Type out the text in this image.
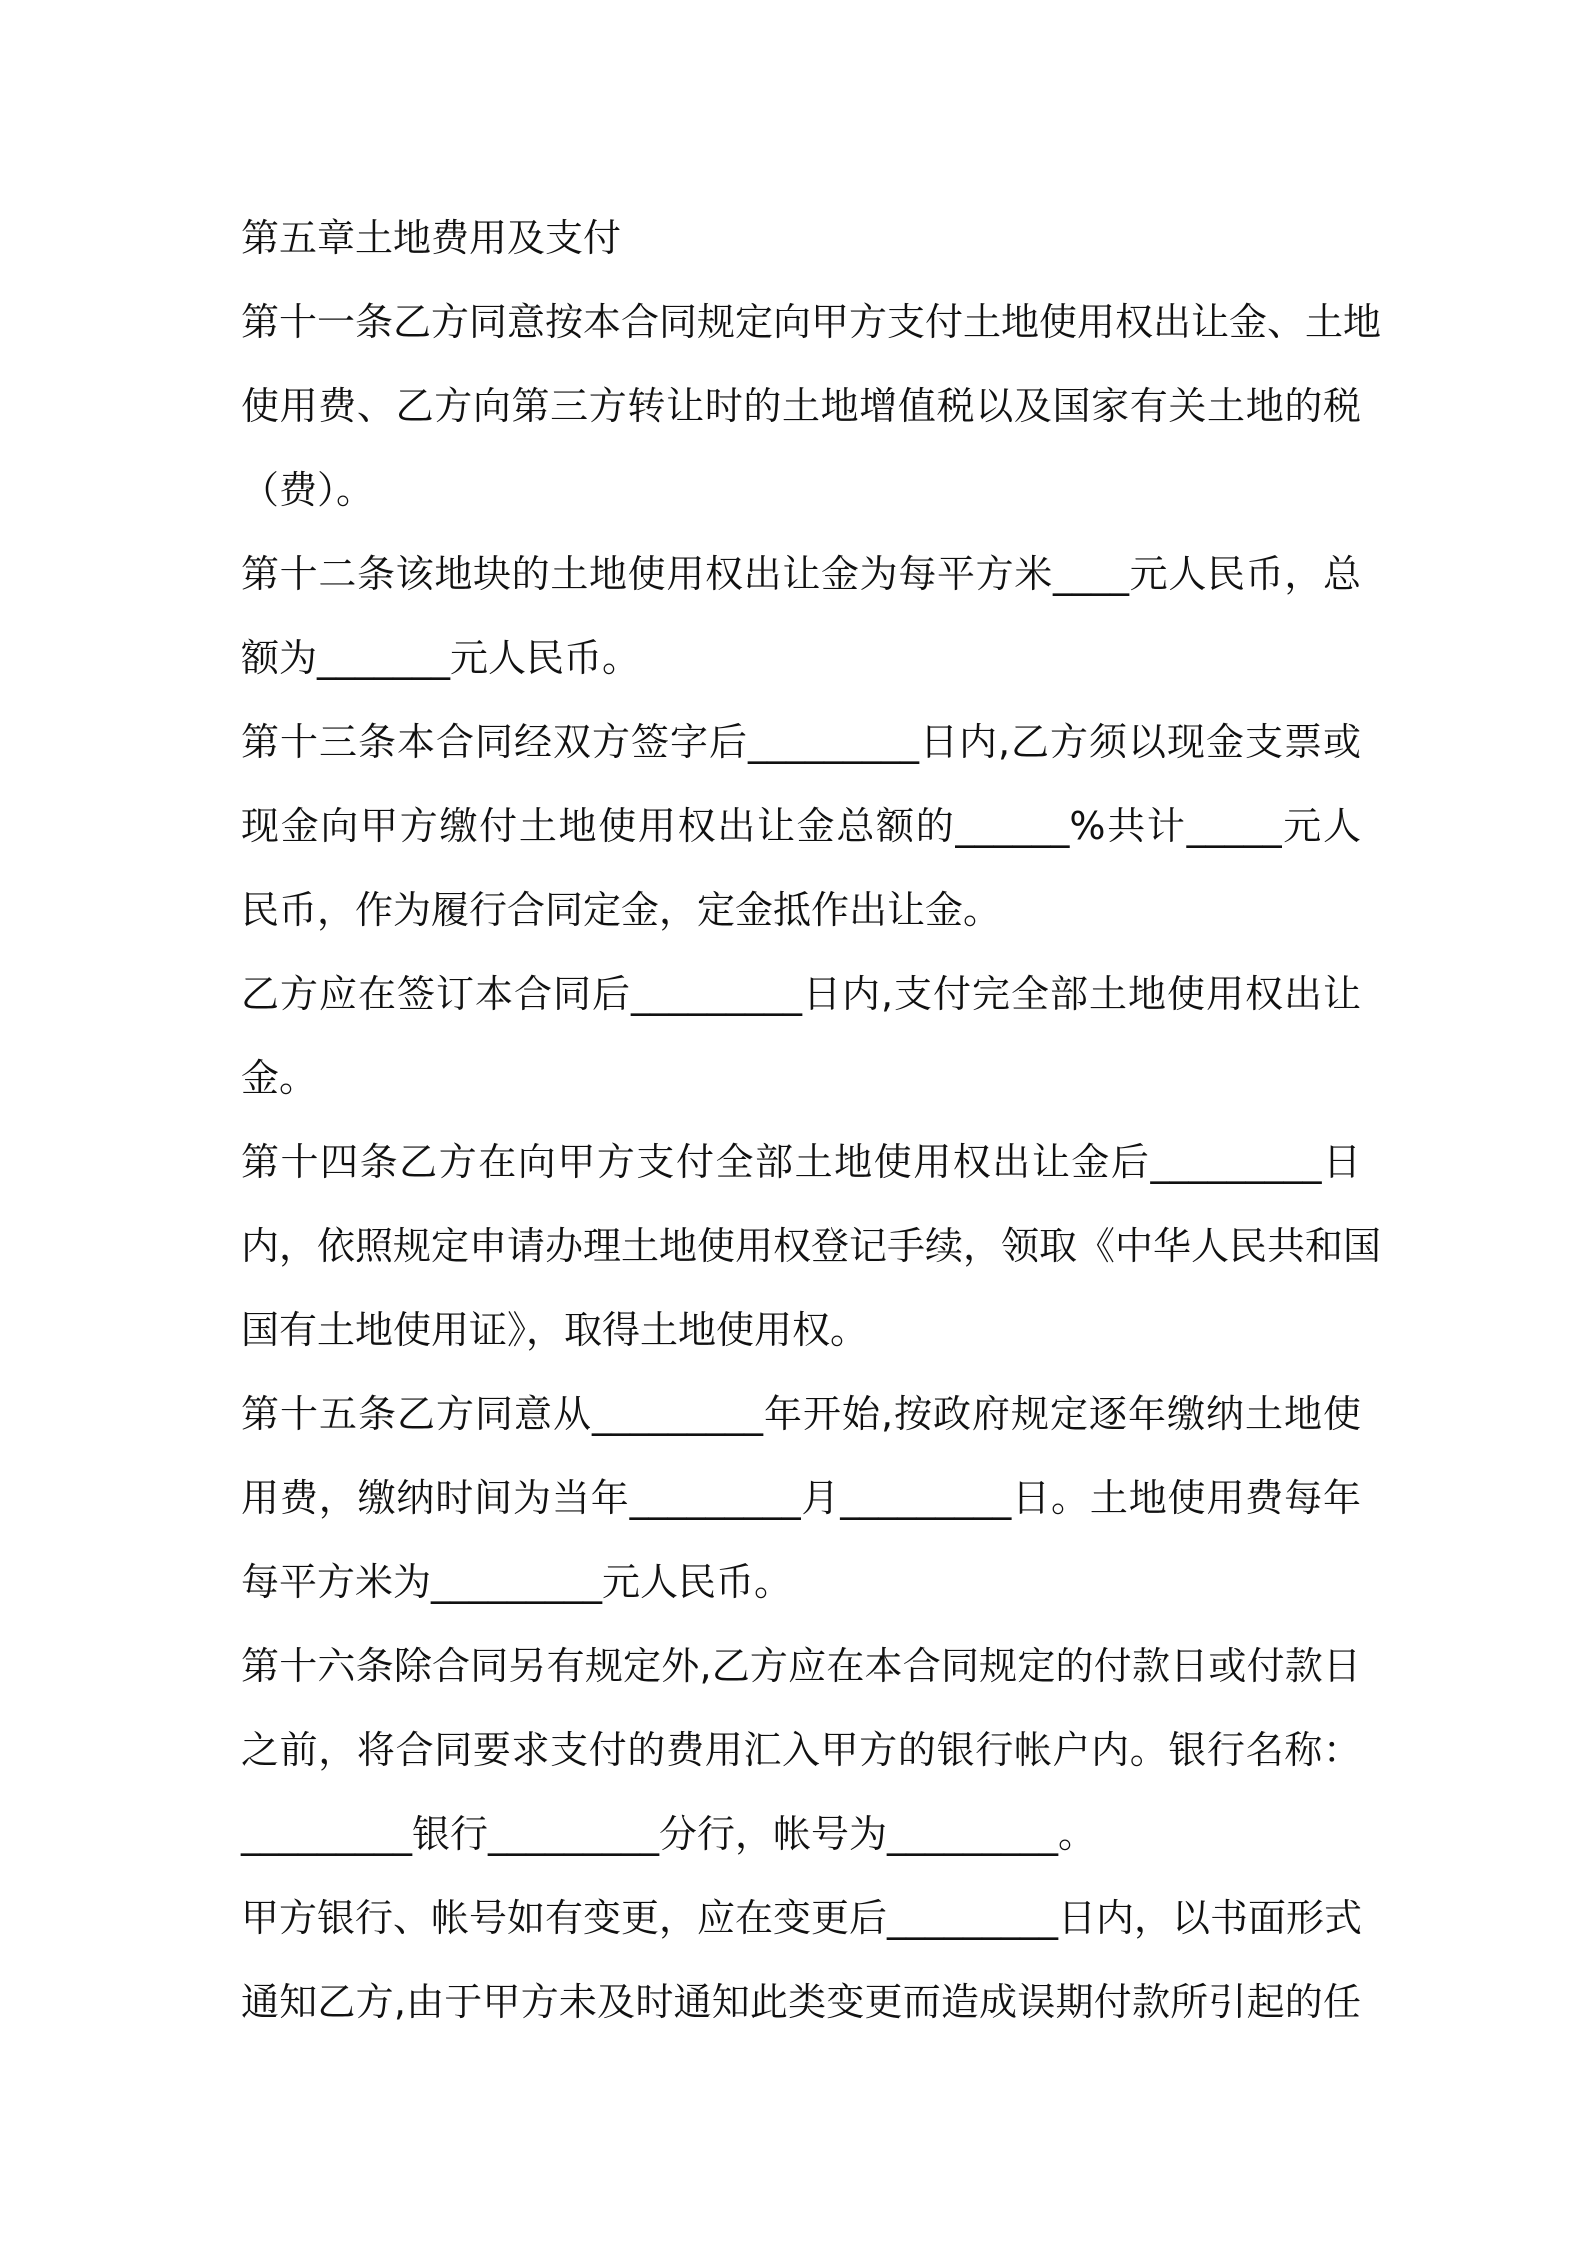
第五章土地费用及支付

第十一条乙方同意按本合同规定向甲方支付土地使用权出让金、土地

使用费、乙方向第三方转让时的土地增值税以及国家有关土地的税

（费）。

第十二条该地块的土地使用权出让金为每平方米____元人民币，总

额为_______元人民币。

第十三条本合同经双方签字后_________日内,乙方须以现金支票或

现金向甲方缴付土地使用权出让金总额的______%共计_____元人

民币，作为履行合同定金，定金抵作出让金。

乙方应在签订本合同后_________日内,支付完全部土地使用权出让

金。

第十四条乙方在向甲方支付全部土地使用权出让金后_________日

内，依照规定申请办理土地使用权登记手续，领取《中华人民共和国

国有土地使用证》，取得土地使用权。

第十五条乙方同意从_________年开始,按政府规定逐年缴纳土地使

用费，缴纳时间为当年_________月_________日。土地使用费每年

每平方米为_________元人民币。

第十六条除合同另有规定外,乙方应在本合同规定的付款日或付款日

之前，将合同要求支付的费用汇入甲方的银行帐户内。银行名称：

_________银行_________分行，帐号为_________。

甲方银行、帐号如有变更，应在变更后_________日内，以书面形式

通知乙方,由于甲方未及时通知此类变更而造成误期付款所引起的任
